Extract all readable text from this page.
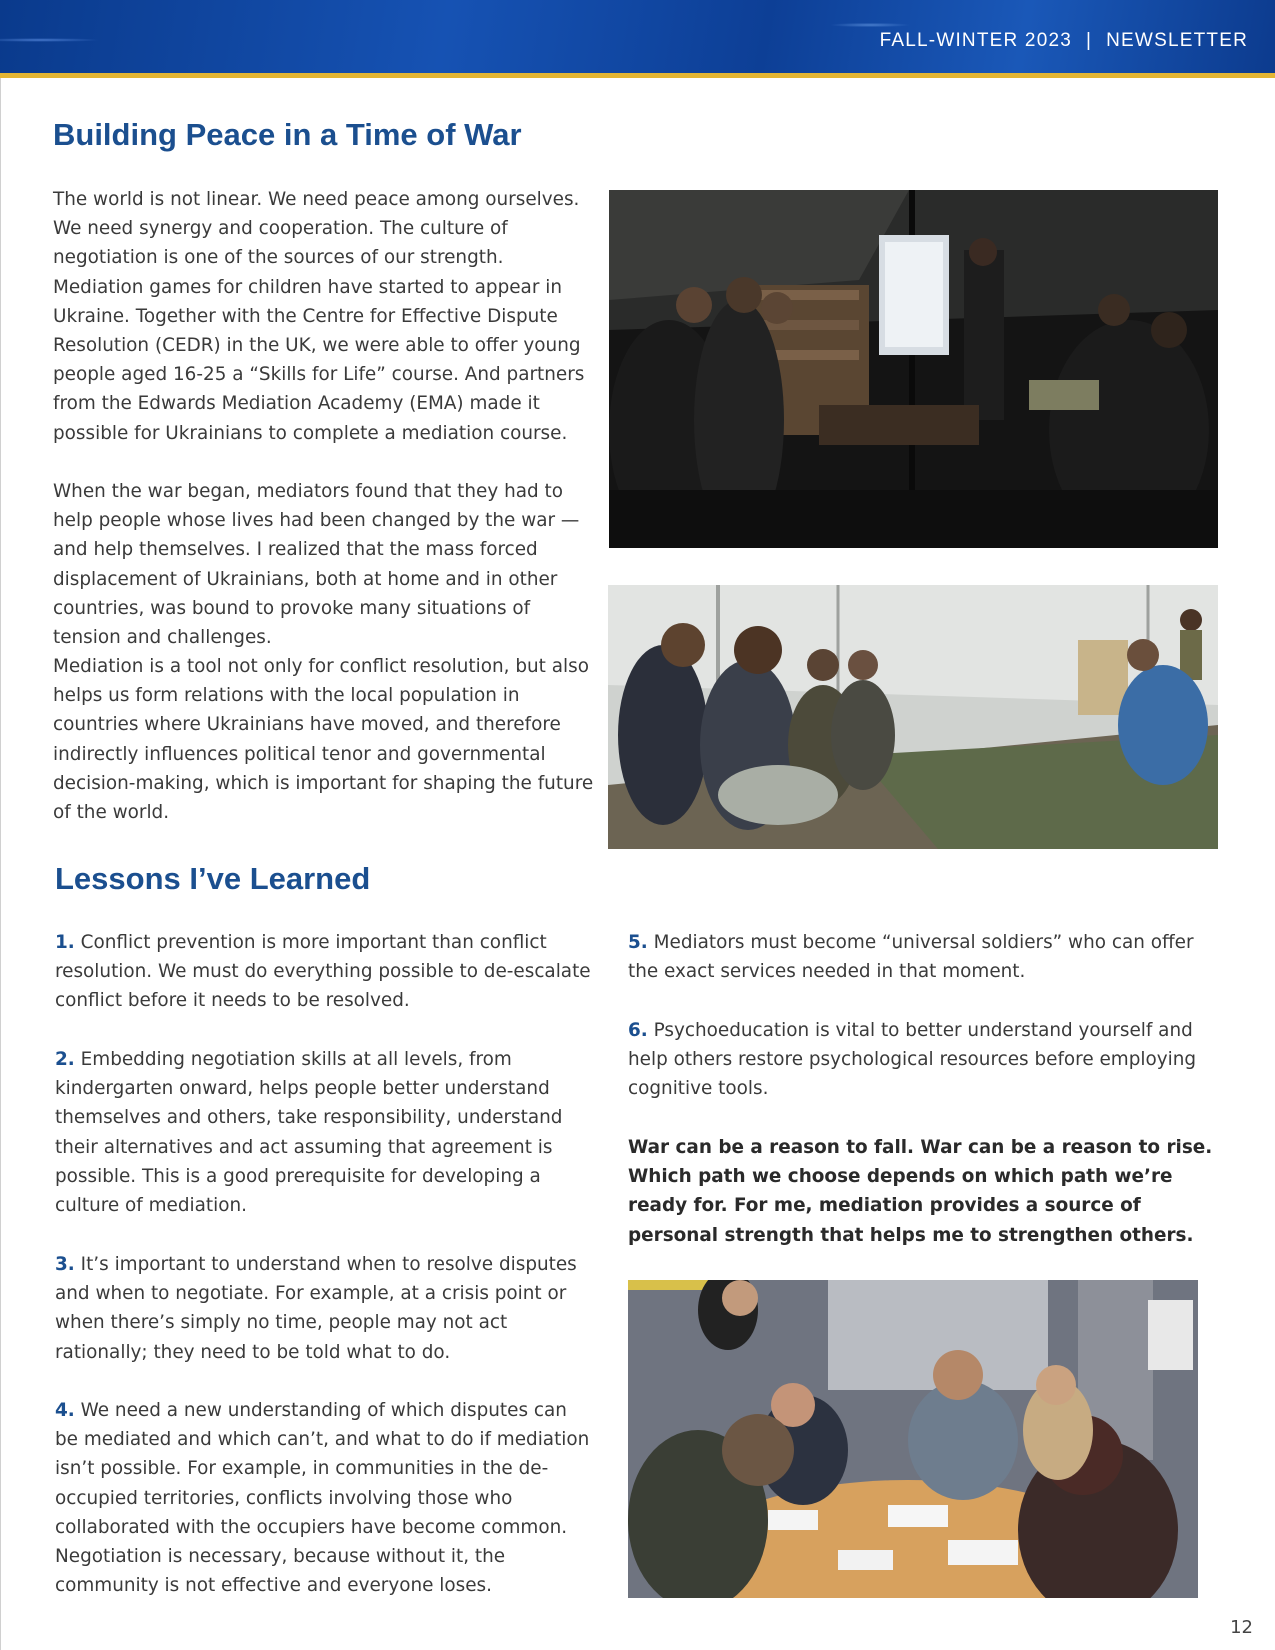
FALL-WINTER 2023 | NEWSLETTER
Building Peace in a Time of War

The world is not linear. We need peace among ourselves. We need synergy and cooperation. The culture of negotiation is one of the sources of our strength. Mediation games for children have started to appear in Ukraine. Together with the Centre for Effective Dispute Resolution (CEDR) in the UK, we were able to offer young people aged 16-25 a “Skills for Life” course. And partners from the Edwards Mediation Academy (EMA) made it possible for Ukrainians to complete a mediation course.

When the war began, mediators found that they had to help people whose lives had been changed by the war — and help themselves. I realized that the mass forced displacement of Ukrainians, both at home and in other countries, was bound to provoke many situations of tension and challenges.

Mediation is a tool not only for conflict resolution, but also helps us form relations with the local population in countries where Ukrainians have moved, and therefore indirectly influences political tenor and governmental decision-making, which is important for shaping the future of the world.

Lessons I’ve Learned

1. Conflict prevention is more important than conflict resolution. We must do everything possible to de-escalate conflict before it needs to be resolved.

2. Embedding negotiation skills at all levels, from kindergarten onward, helps people better understand themselves and others, take responsibility, understand their alternatives and act assuming that agreement is possible. This is a good prerequisite for developing a culture of mediation.

3. It’s important to understand when to resolve disputes and when to negotiate. For example, at a crisis point or when there’s simply no time, people may not act rationally; they need to be told what to do.

4. We need a new understanding of which disputes can be mediated and which can’t, and what to do if mediation isn’t possible. For example, in communities in the de-occupied territories, conflicts involving those who collaborated with the occupiers have become common. Negotiation is necessary, because without it, the community is not effective and everyone loses.

5. Mediators must become “universal soldiers” who can offer the exact services needed in that moment.

6. Psychoeducation is vital to better understand yourself and help others restore psychological resources before employing cognitive tools.

War can be a reason to fall. War can be a reason to rise. Which path we choose depends on which path we’re ready for. For me, mediation provides a source of personal strength that helps me to strengthen others.

12
